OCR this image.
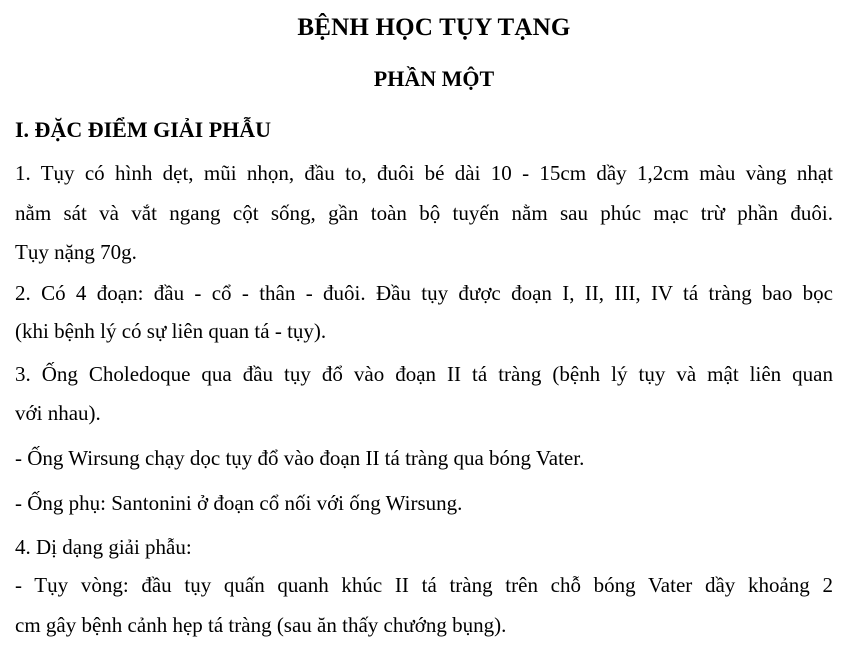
BỆNH HỌC TỤY TẠNG
PHẦN MỘT
I. ĐẶC ĐIỂM GIẢI PHẪU
1. Tụy có hình dẹt, mũi nhọn, đầu to, đuôi bé dài 10 - 15cm dầy 1,2cm màu vàng nhạt
nằm sát và vắt ngang cột sống, gần toàn bộ tuyến nằm sau phúc mạc trừ phần đuôi.
Tụy nặng 70g.
2. Có 4 đoạn: đầu - cổ - thân - đuôi. Đầu tụy được đoạn I, II, III, IV tá tràng bao bọc
(khi bệnh lý có sự liên quan tá - tụy).
3. Ống Choledoque qua đầu tụy đổ vào đoạn II tá tràng (bệnh lý tụy và mật liên quan
với nhau).
- Ống Wirsung chạy dọc tụy đổ vào đoạn II tá tràng qua bóng Vater.
- Ống phụ: Santonini ở đoạn cổ nối với ống Wirsung.
4. Dị dạng giải phẫu:
- Tụy vòng: đầu tụy quấn quanh khúc II tá tràng trên chỗ bóng Vater dầy khoảng 2
cm gây bệnh cảnh hẹp tá tràng (sau ăn thấy chướng bụng).
